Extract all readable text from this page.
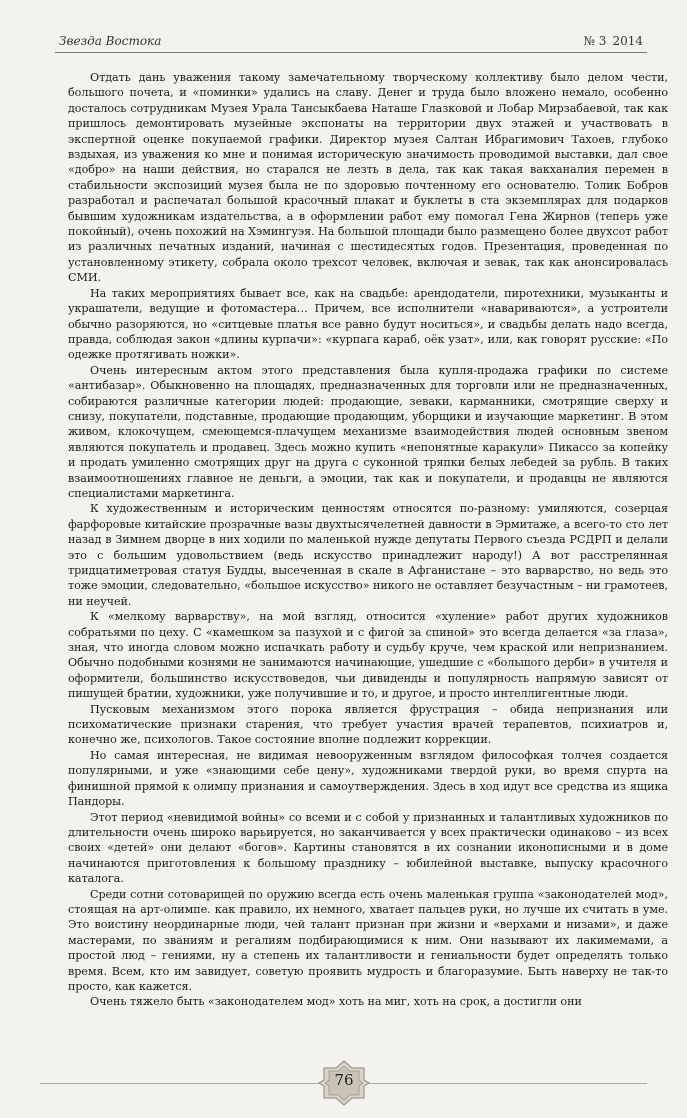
Звезда Востока	№ 3 2014

Отдать дань уважения такому замечательному творческому коллективу было делом чести, большого почета, и «поминки» удались на славу. Денег и труда было вложено немало, особенно досталось сотрудникам Музея Урала Тансыкбаева Наташе Глазковой и Лобар Мирзабаевой, так как пришлось демонтировать музейные экспонаты на территории двух этажей и участвовать в экспертной оценке покупаемой графики. Директор музея Салтан Ибрагимович Тахоев, глубоко вздыхая, из уважения ко мне и понимая историческую значимость проводимой выставки, дал свое «добро» на наши действия, но старался не лезть в дела, так как такая вакханалия перемен в стабильности экспозиций музея была не по здоровью почтенному его основателю. Толик Бобров разработал и распечатал большой красочный плакат и буклеты в ста экземплярах для подарков бывшим художникам издательства, а в оформлении работ ему помогал Гена Жирнов (теперь уже покойный), очень похожий на Хэмингуэя. На большой площади было размещено более двухсот работ из различных печатных изданий, начиная с шестидесятых годов. Презентация, проведенная по установленному этикету, собрала около трехсот человек, включая и зевак, так как анонсировалась СМИ.

На таких мероприятиях бывает все, как на свадьбе: арендодатели, пиротехники, музыканты и украшатели, ведущие и фотомастера… Причем, все исполнители «навариваются», а устроители обычно разоряются, но «ситцевые платья все равно будут носиться», и свадьбы делать надо всегда, правда, соблюдая закон «длины курпачи»: «курпага караб, оёк узат», или, как говорят русские: «По одежке протягивать ножки».

Очень интересным актом этого представления была купля-продажа графики по системе «антибазар». Обыкновенно на площадях, предназначенных для торговли или не предназначенных, собираются различные категории людей: продающие, зеваки, карманники, смотрящие сверху и снизу, покупатели, подставные, продающие продающим, уборщики и изучающие маркетинг. В этом живом, клокочущем, смеющемся-плачущем механизме взаимодействия людей основным звеном являются покупатель и продавец. Здесь можно купить «непонятные каракули» Пикассо за копейку и продать умиленно смотрящих друг на друга с суконной тряпки белых лебедей за рубль. В таких взаимоотношениях главное не деньги, а эмоции, так как и покупатели, и продавцы не являются специалистами маркетинга.

К художественным и историческим ценностям относятся по-разному: умиляются, созерцая фарфоровые китайские прозрачные вазы двухтысячелетней давности в Эрмитаже, а всего-то сто лет назад в Зимнем дворце в них ходили по маленькой нужде депутаты Первого съезда РСДРП и делали это с большим удовольствием (ведь искусство принадлежит народу!) А вот расстрелянная тридцатиметровая статуя Будды, высеченная в скале в Афганистане – это варварство, но ведь это тоже эмоции, следовательно, «большое искусство» никого не оставляет безучастным – ни грамотеев, ни неучей.

К «мелкому варварству», на мой взгляд, относится «хуление» работ других художников собратьями по цеху. С «камешком за пазухой и с фигой за спиной» это всегда делается «за глаза», зная, что иногда словом можно испачкать работу и судьбу круче, чем краской или непризнанием. Обычно подобными кознями не занимаются начинающие, ушедшие с «большого дерби» в учителя и оформители, большинство искусствоведов, чьи дивиденды и популярность напрямую зависят от пишущей братии, художники, уже получившие и то, и другое, и просто интеллигентные люди.

Пусковым механизмом этого порока является фрустрация – обида непризнания или психоматические признаки старения, что требует участия врачей терапевтов, психиатров и, конечно же, психологов. Такое состояние вполне подлежит коррекции.

Но самая интересная, не видимая невооруженным взглядом философкая толчея создается популярными, и уже «знающими себе цену», художниками твердой руки, во время спурта на финишной прямой к олимпу признания и самоутверждения. Здесь в ход идут все средства из ящика Пандоры.

Этот период «невидимой войны» со всеми и с собой у признанных и талантливых художников по длительности очень широко варьируется, но заканчивается у всех практически одинаково – из всех своих «детей» они делают «богов». Картины становятся в их сознании иконописными и в доме начинаются приготовления к большому празднику – юбилейной выставке, выпуску красочного каталога.

Среди сотни сотоварищей по оружию всегда есть очень маленькая группа «законодателей мод», стоящая на арт-олимпе. как правило, их немного, хватает пальцев руки, но лучше их считать в уме. Это воистину неординарные люди, чей талант признан при жизни и «верхами и низами», и даже мастерами, по званиям и регалиям подбирающимися к ним. Они называют их лакимемами, а простой люд – гениями, ну а степень их талантливости и гениальности будет определять только время. Всем, кто им завидует, советую проявить мудрость и благоразумие. Быть наверху не так-то просто, как кажется.

Очень тяжело быть «законодателем мод» хоть на миг, хоть на срок, а достигли они

76
